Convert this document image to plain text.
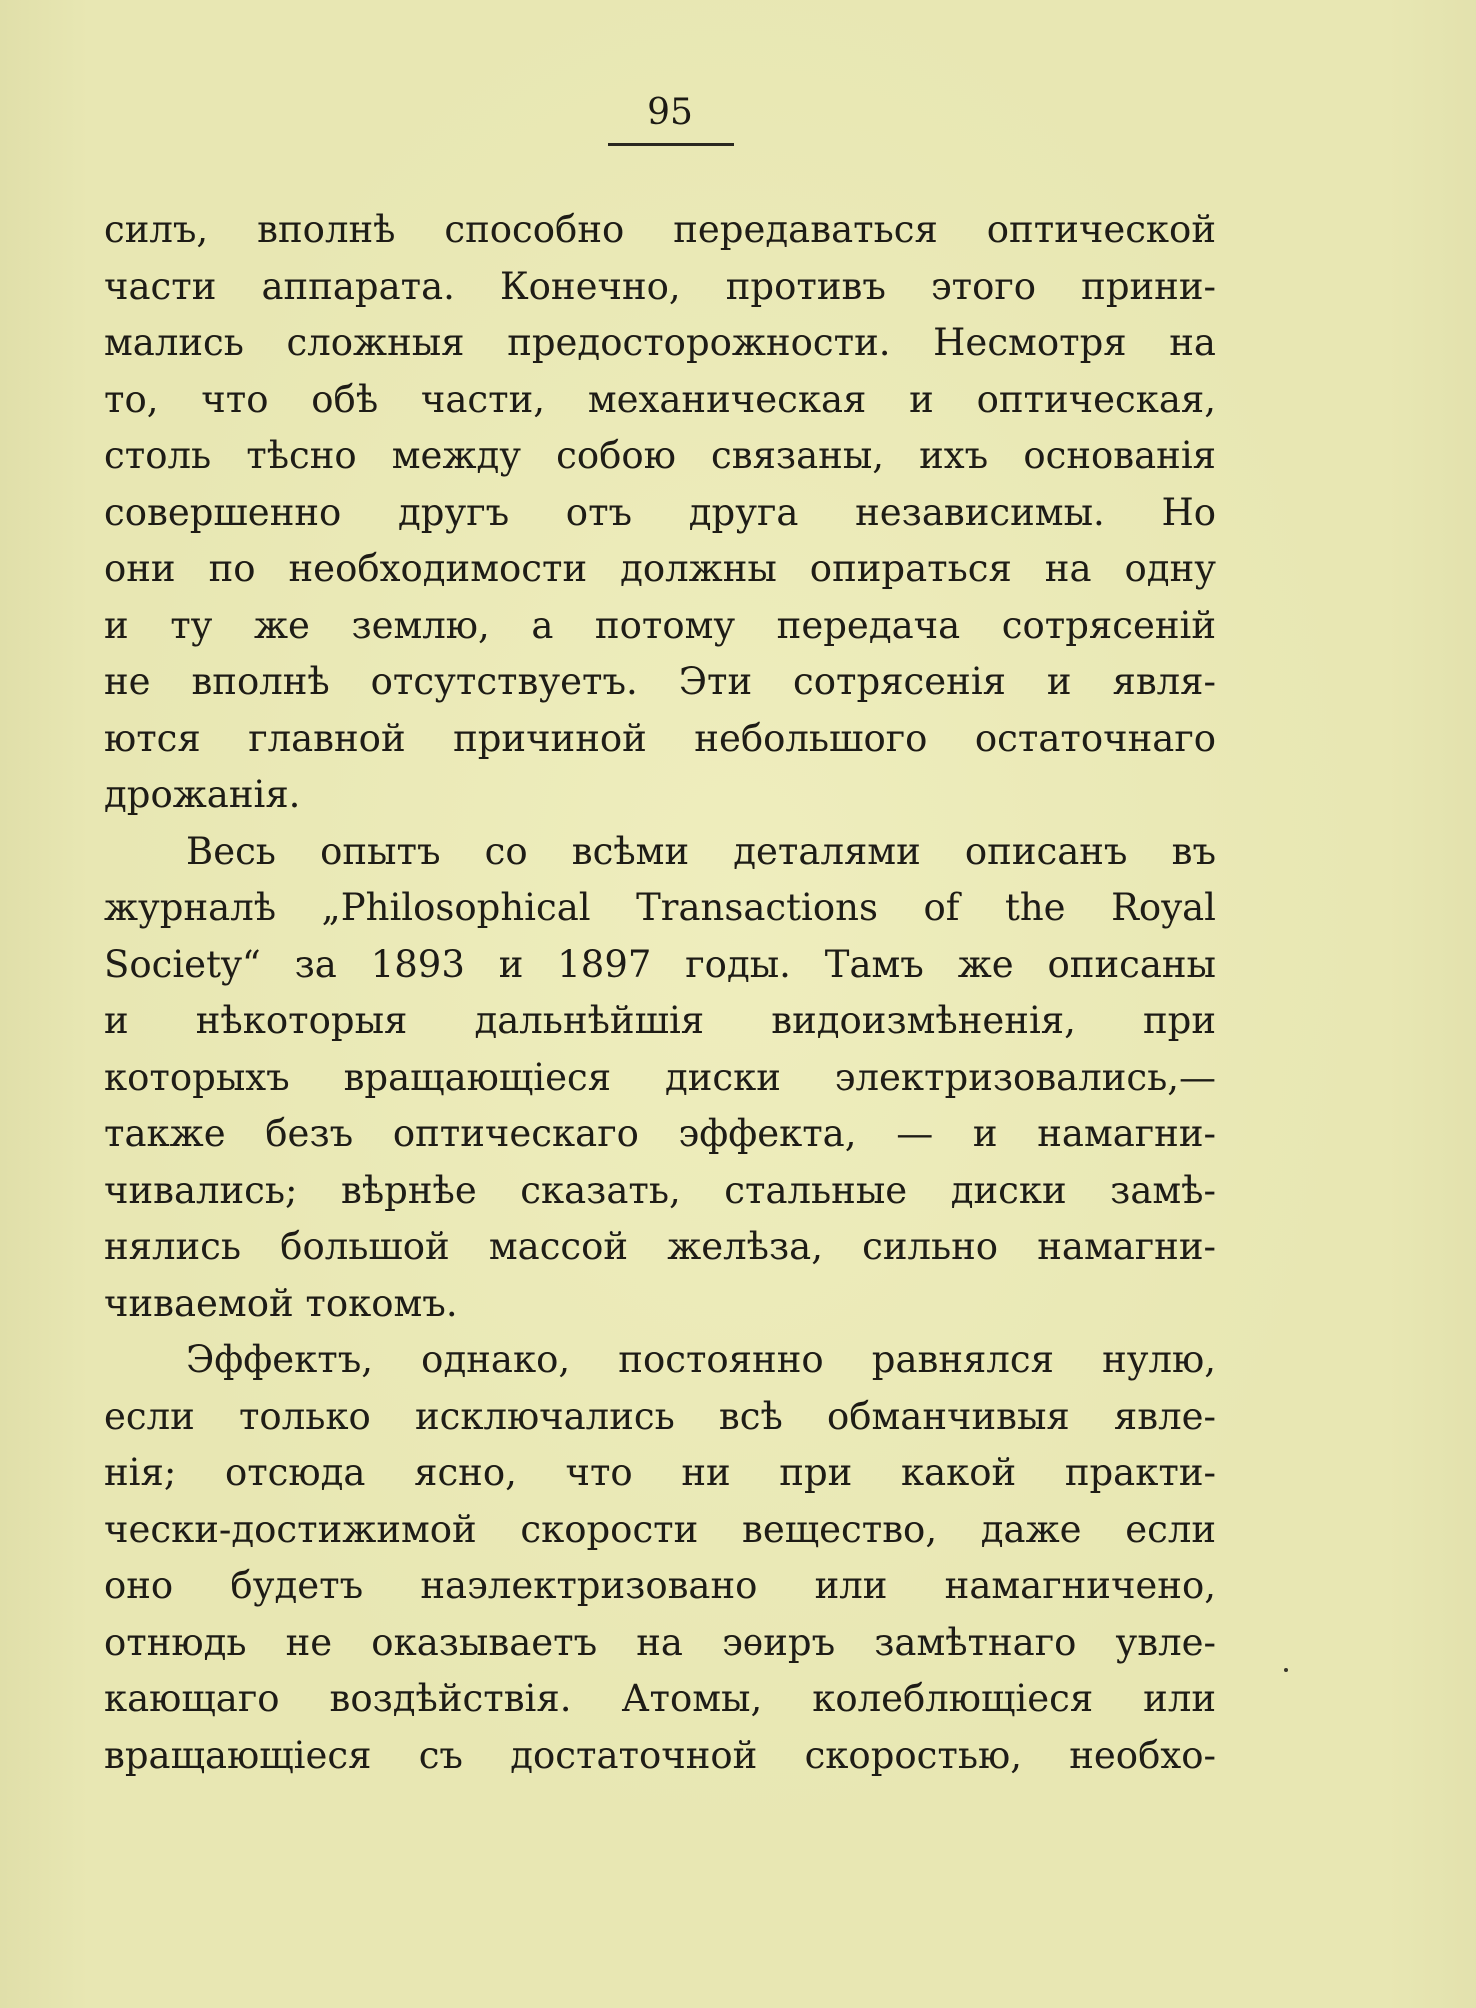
95
силъ, вполнѣ способно передаваться оптической
части аппарата. Конечно, противъ этого прини-
мались сложныя предосторожности. Несмотря на
то, что обѣ части, механическая и оптическая,
столь тѣсно между собою связаны, ихъ основанія
совершенно другъ отъ друга независимы. Но
они по необходимости должны опираться на одну
и ту же землю, а потому передача сотрясеній
не вполнѣ отсутствуетъ. Эти сотрясенія и явля-
ются главной причиной небольшого остаточнаго
дрожанія.
Весь опытъ со всѣми деталями описанъ въ
журналѣ „Philosophical Transactions of the Royal
Society“ за 1893 и 1897 годы. Тамъ же описаны
и нѣкоторыя дальнѣйшія видоизмѣненія, при
которыхъ вращающіеся диски электризовались,—
также безъ оптическаго эффекта, — и намагни-
чивались; вѣрнѣе сказать, стальные диски замѣ-
нялись большой массой желѣза, сильно намагни-
чиваемой токомъ.
Эффектъ, однако, постоянно равнялся нулю,
если только исключались всѣ обманчивыя явле-
нія; отсюда ясно, что ни при какой практи-
чески-достижимой скорости вещество, даже если
оно будетъ наэлектризовано или намагничено,
отнюдь не оказываетъ на эѳиръ замѣтнаго увле-
кающаго воздѣйствія. Атомы, колеблющіеся или
вращающіеся съ достаточной скоростью, необхо-
